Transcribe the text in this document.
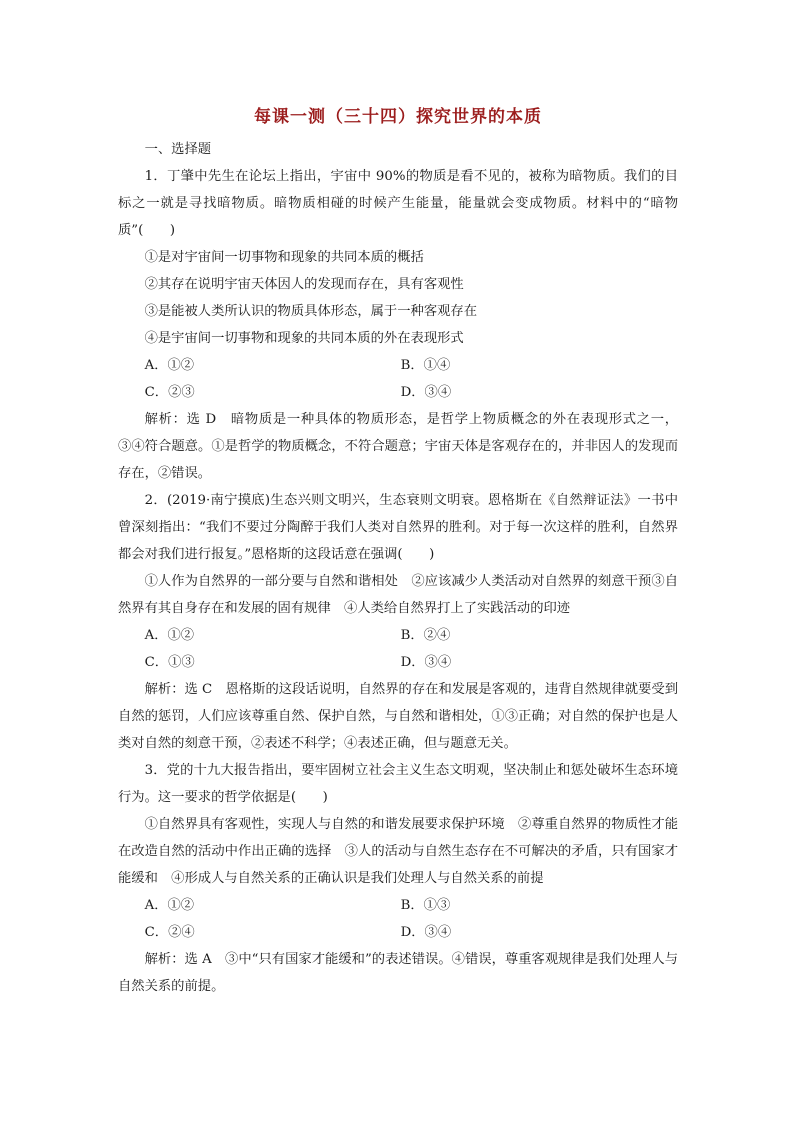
每课一测（三十四）探究世界的本质

一、选择题

1．丁肇中先生在论坛上指出，宇宙中 90%的物质是看不见的，被称为暗物质。我们的目标之一就是寻找暗物质。暗物质相碰的时候产生能量，能量就会变成物质。材料中的“暗物质”(　　)

①是对宇宙间一切事物和现象的共同本质的概括

②其存在说明宇宙天体因人的发现而存在，具有客观性

③是能被人类所认识的物质具体形态，属于一种客观存在

④是宇宙间一切事物和现象的共同本质的外在表现形式

A．①②	B．①④
C．②③	D．③④

解析：选 D　暗物质是一种具体的物质形态，是哲学上物质概念的外在表现形式之一，③④符合题意。①是哲学的物质概念，不符合题意；宇宙天体是客观存在的，并非因人的发现而存在，②错误。

2．(2019·南宁摸底)生态兴则文明兴，生态衰则文明衰。恩格斯在《自然辩证法》一书中曾深刻指出：“我们不要过分陶醉于我们人类对自然界的胜利。对于每一次这样的胜利，自然界都会对我们进行报复。”恩格斯的这段话意在强调(　　)

①人作为自然界的一部分要与自然和谐相处　②应该减少人类活动对自然界的刻意干预③自然界有其自身存在和发展的固有规律　④人类给自然界打上了实践活动的印迹

A．①②	B．②④
C．①③	D．③④

解析：选 C　恩格斯的这段话说明，自然界的存在和发展是客观的，违背自然规律就要受到自然的惩罚，人们应该尊重自然、保护自然，与自然和谐相处，①③正确；对自然的保护也是人类对自然的刻意干预，②表述不科学；④表述正确，但与题意无关。

3．党的十九大报告指出，要牢固树立社会主义生态文明观，坚决制止和惩处破坏生态环境行为。这一要求的哲学依据是(　　)

①自然界具有客观性，实现人与自然的和谐发展要求保护环境　②尊重自然界的物质性才能在改造自然的活动中作出正确的选择　③人的活动与自然生态存在不可解决的矛盾，只有国家才能缓和　④形成人与自然关系的正确认识是我们处理人与自然关系的前提

A．①②	B．①③
C．②④	D．③④

解析：选 A　③中“只有国家才能缓和”的表述错误。④错误，尊重客观规律是我们处理人与自然关系的前提。
